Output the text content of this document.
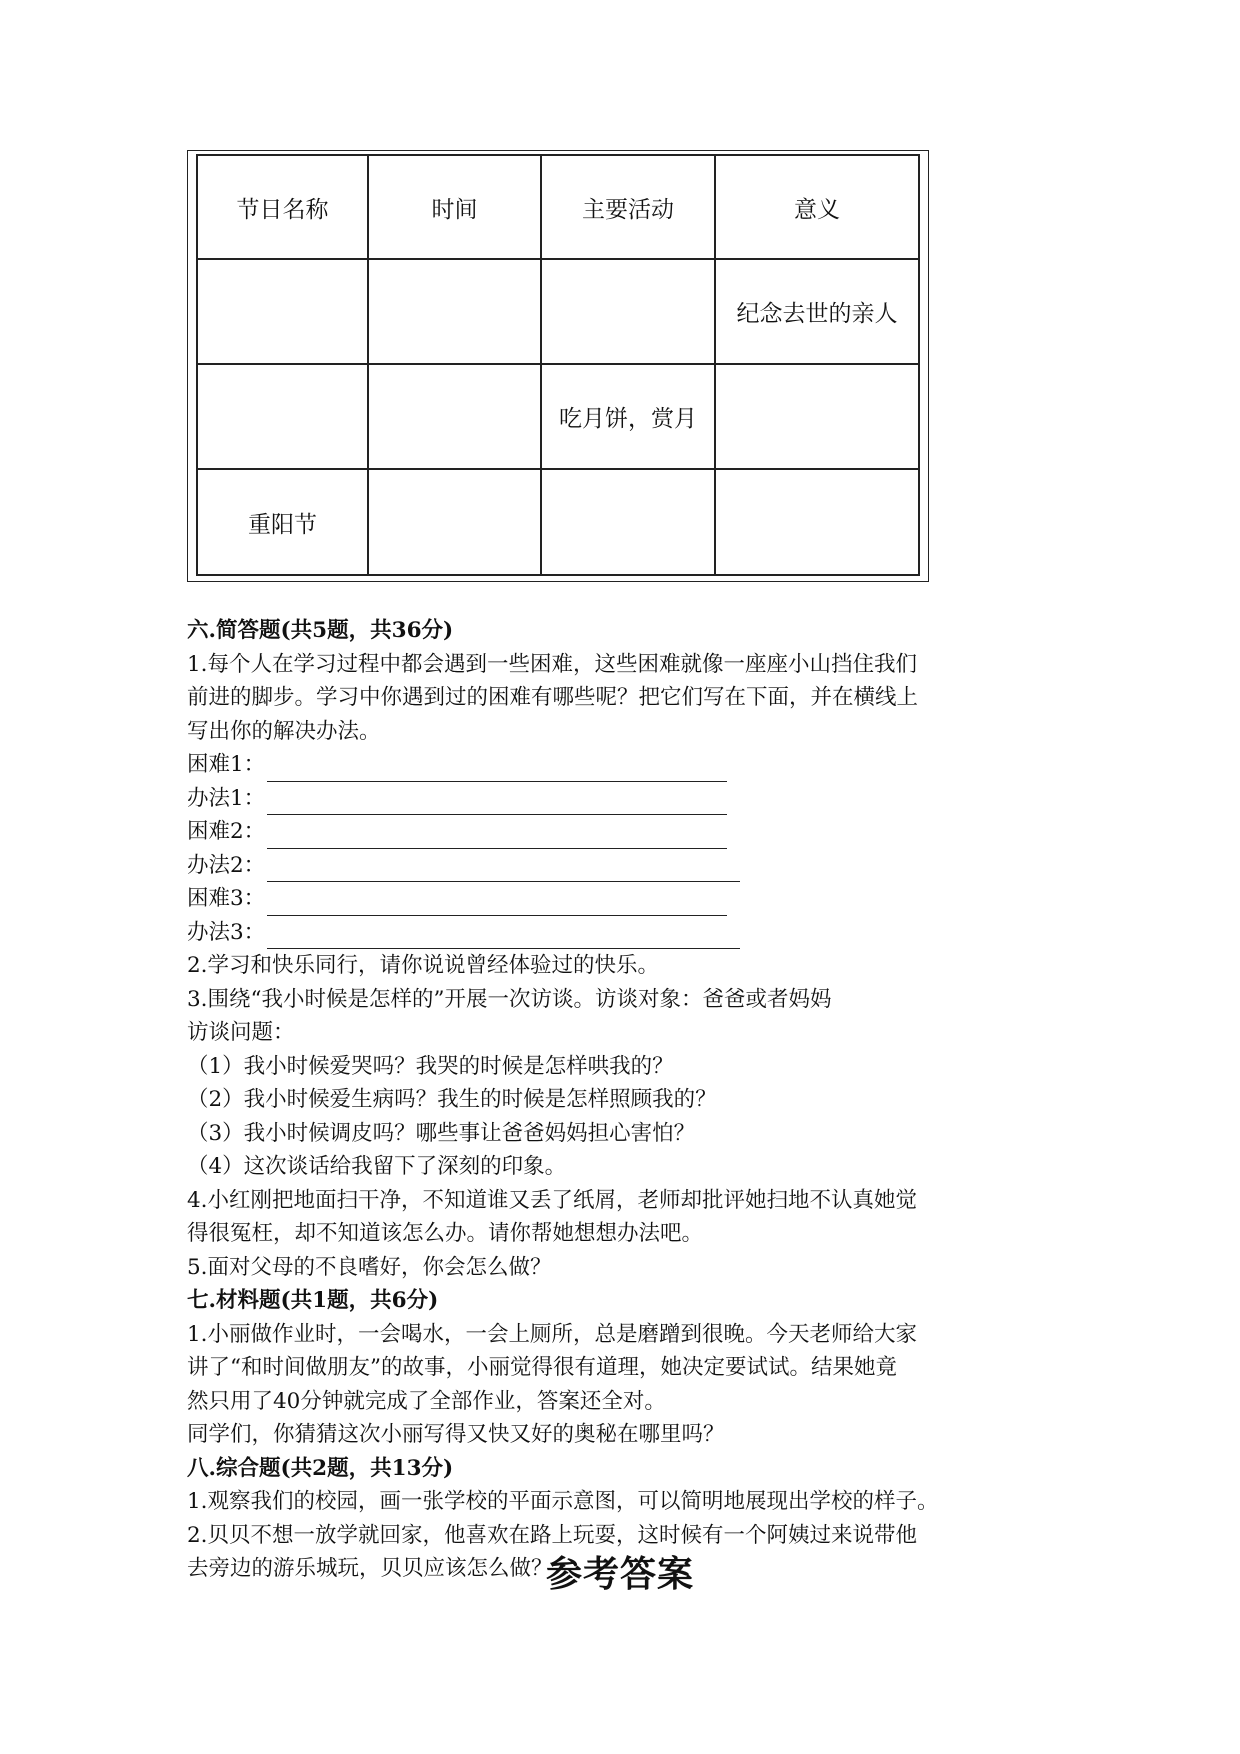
节日名称	时间	主要活动	意义
			纪念去世的亲人
		吃月饼，赏月	
重阳节			

六.简答题(共5题，共36分)

1.每个人在学习过程中都会遇到一些困难，这些困难就像一座座小山挡住我们

前进的脚步。学习中你遇到过的困难有哪些呢？把它们写在下面，并在横线上

写出你的解决办法。

困难1：

办法1：

困难2：

办法2：

困难3：

办法3：

2.学习和快乐同行，请你说说曾经体验过的快乐。

3.围绕“我小时候是怎样的”开展一次访谈。访谈对象：爸爸或者妈妈

访谈问题：

（1）我小时候爱哭吗？我哭的时候是怎样哄我的？

（2）我小时候爱生病吗？我生的时候是怎样照顾我的？

（3）我小时候调皮吗？哪些事让爸爸妈妈担心害怕？

（4）这次谈话给我留下了深刻的印象。

4.小红刚把地面扫干净，不知道谁又丢了纸屑，老师却批评她扫地不认真她觉

得很冤枉，却不知道该怎么办。请你帮她想想办法吧。

5.面对父母的不良嗜好，你会怎么做？

七.材料题(共1题，共6分)

1.小丽做作业时，一会喝水，一会上厕所，总是磨蹭到很晚。今天老师给大家

讲了“和时间做朋友”的故事，小丽觉得很有道理，她决定要试试。结果她竟

然只用了40分钟就完成了全部作业，答案还全对。

同学们，你猜猜这次小丽写得又快又好的奥秘在哪里吗？

八.综合题(共2题，共13分)

1.观察我们的校园，画一张学校的平面示意图，可以简明地展现出学校的样子。

2.贝贝不想一放学就回家，他喜欢在路上玩耍，这时候有一个阿姨过来说带他

去旁边的游乐城玩，贝贝应该怎么做？

参考答案
